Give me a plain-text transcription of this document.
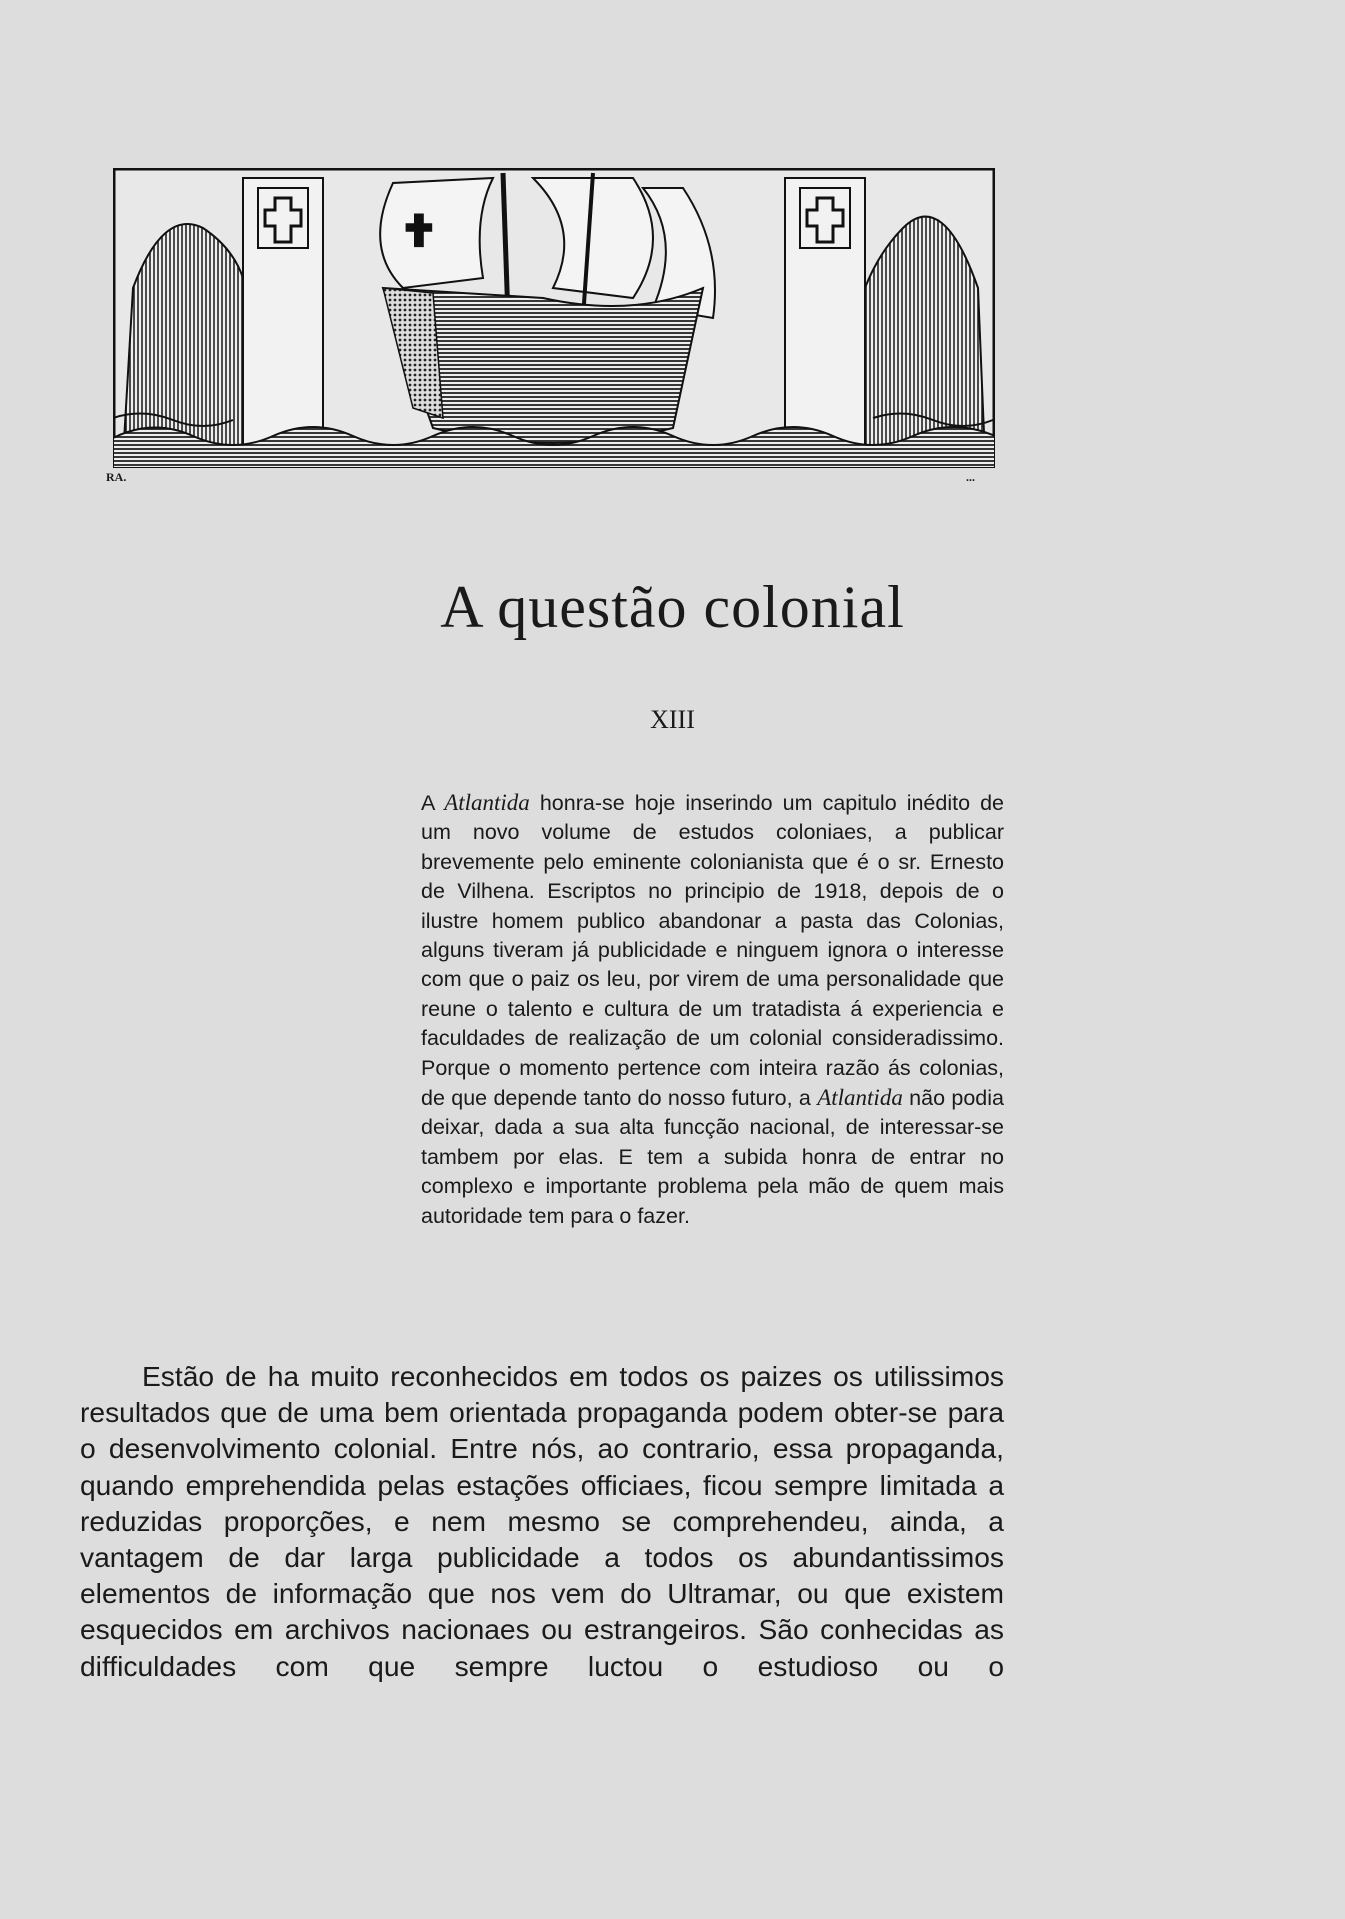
RA.	...
A questão colonial
XIII

A Atlantida honra-se hoje inserindo um capitulo inédito de um novo volume de estudos coloniaes, a publicar brevemente pelo eminente colonianista que é o sr. Ernesto de Vilhena. Escriptos no principio de 1918, depois de o ilustre homem publico abandonar a pasta das Colonias, alguns tiveram já publicidade e ninguem ignora o interesse com que o paiz os leu, por virem de uma personalidade que reune o talento e cultura de um tratadista á experiencia e faculdades de realização de um colonial consideradissimo. Porque o momento pertence com inteira razão ás colonias, de que depende tanto do nosso futuro, a Atlantida não podia deixar, dada a sua alta funcção nacional, de interessar-se tambem por elas. E tem a subida honra de entrar no complexo e importante problema pela mão de quem mais autoridade tem para o fazer.

Estão de ha muito reconhecidos em todos os paizes os utilissimos resultados que de uma bem orientada propaganda podem obter-se para o desenvolvimento colonial. Entre nós, ao contrario, essa propaganda, quando emprehendida pelas estações officiaes, ficou sempre limitada a reduzidas proporções, e nem mesmo se comprehendeu, ainda, a vantagem de dar larga publicidade a todos os abundantissimos elementos de informação que nos vem do Ultramar, ou que existem esquecidos em archivos nacionaes ou estrangeiros. São conhecidas as difficuldades com que sempre luctou o estudioso ou o
